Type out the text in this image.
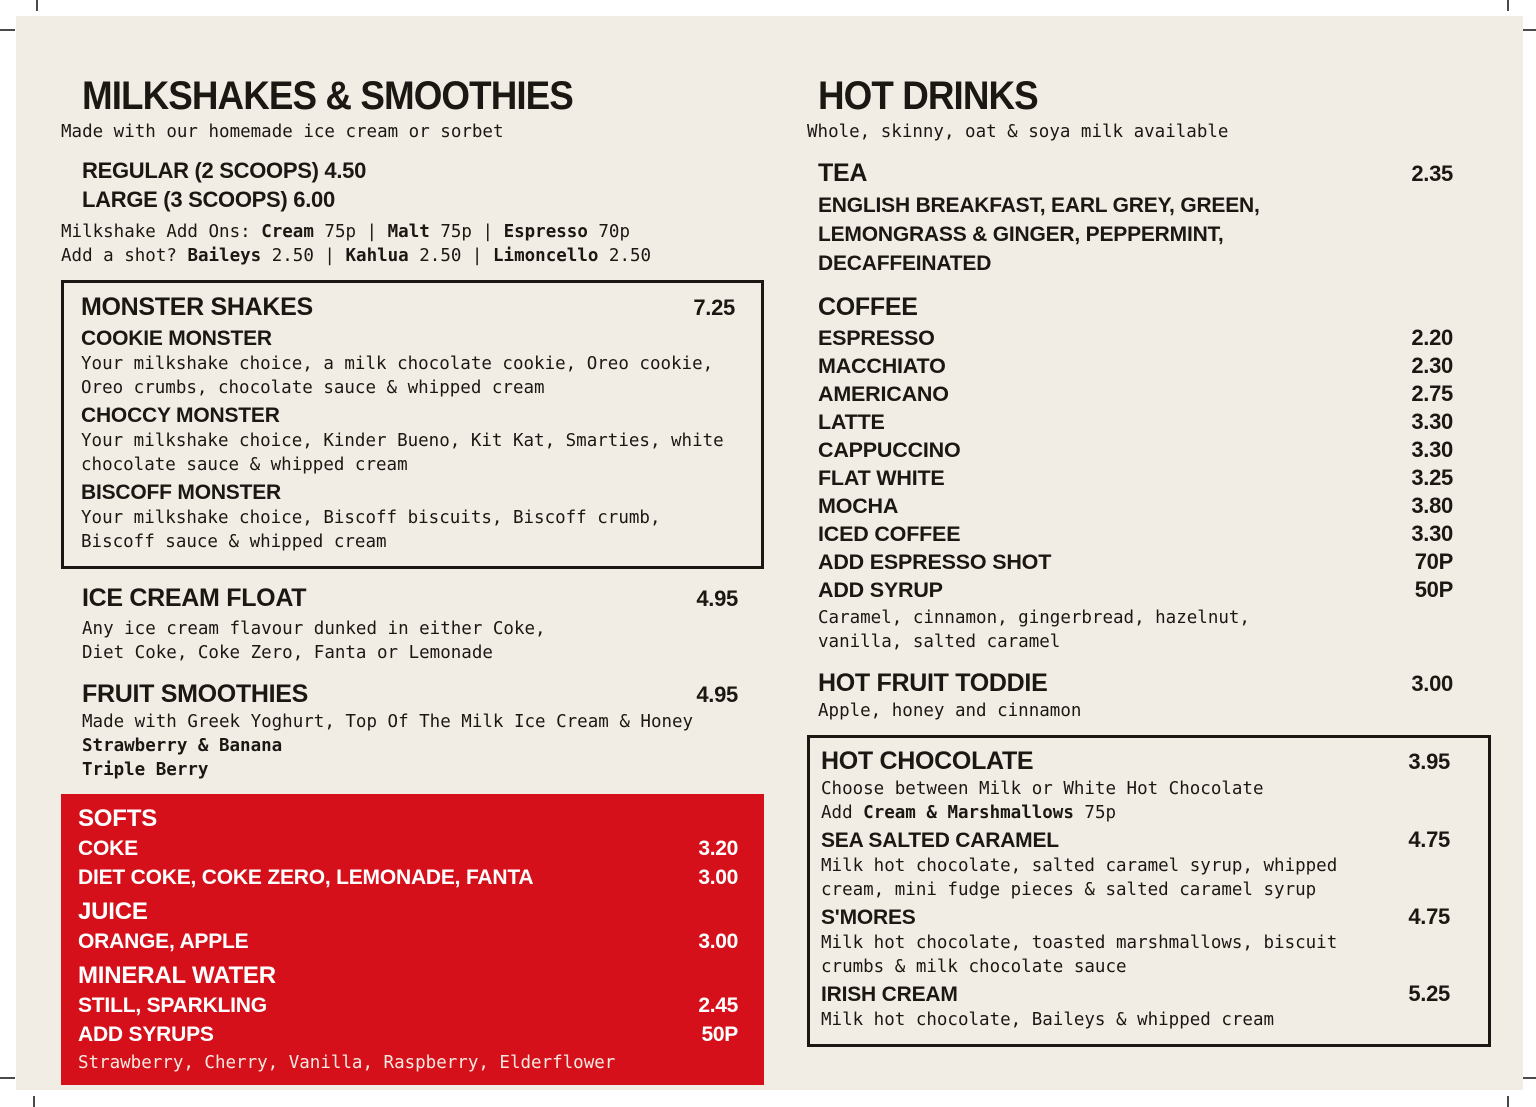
MILKSHAKES & SMOOTHIES

Made with our homemade ice cream or sorbet

REGULAR (2 SCOOPS) 4.50
LARGE (3 SCOOPS) 6.00

Milkshake Add Ons: Cream 75p | Malt 75p | Espresso 70p

Add a shot? Baileys 2.50 | Kahlua 2.50 | Limoncello 2.50

MONSTER SHAKES	7.25
COOKIE MONSTER

Your milkshake choice, a milk chocolate cookie, Oreo cookie, Oreo crumbs, chocolate sauce & whipped cream

CHOCCY MONSTER

Your milkshake choice, Kinder Bueno, Kit Kat, Smarties, white chocolate sauce & whipped cream

BISCOFF MONSTER

Your milkshake choice, Biscoff biscuits, Biscoff crumb, Biscoff sauce & whipped cream

ICE CREAM FLOAT	4.95

Any ice cream flavour dunked in either Coke, Diet Coke, Coke Zero, Fanta or Lemonade

FRUIT SMOOTHIES	4.95

Made with Greek Yoghurt, Top Of The Milk Ice Cream & Honey

Strawberry & Banana

Triple Berry

SOFTS
COKE	3.20
DIET COKE, COKE ZERO, LEMONADE, FANTA	3.00
JUICE
ORANGE, APPLE	3.00
MINERAL WATER
STILL, SPARKLING	2.45
ADD SYRUPS	50P

Strawberry, Cherry, Vanilla, Raspberry, Elderflower

HOT DRINKS

Whole, skinny, oat & soya milk available

TEA	2.35
ENGLISH BREAKFAST, EARL GREY, GREEN, LEMONGRASS & GINGER, PEPPERMINT, DECAFFEINATED
COFFEE
ESPRESSO	2.20
MACCHIATO	2.30
AMERICANO	2.75
LATTE	3.30
CAPPUCCINO	3.30
FLAT WHITE	3.25
MOCHA	3.80
ICED COFFEE	3.30
ADD ESPRESSO SHOT	70P
ADD SYRUP	50P

Caramel, cinnamon, gingerbread, hazelnut, vanilla, salted caramel

HOT FRUIT TODDIE	3.00

Apple, honey and cinnamon

HOT CHOCOLATE	3.95

Choose between Milk or White Hot Chocolate

Add Cream & Marshmallows 75p

SEA SALTED CARAMEL	4.75

Milk hot chocolate, salted caramel syrup, whipped cream, mini fudge pieces & salted caramel syrup

S'MORES	4.75

Milk hot chocolate, toasted marshmallows, biscuit crumbs & milk chocolate sauce

IRISH CREAM	5.25

Milk hot chocolate, Baileys & whipped cream
